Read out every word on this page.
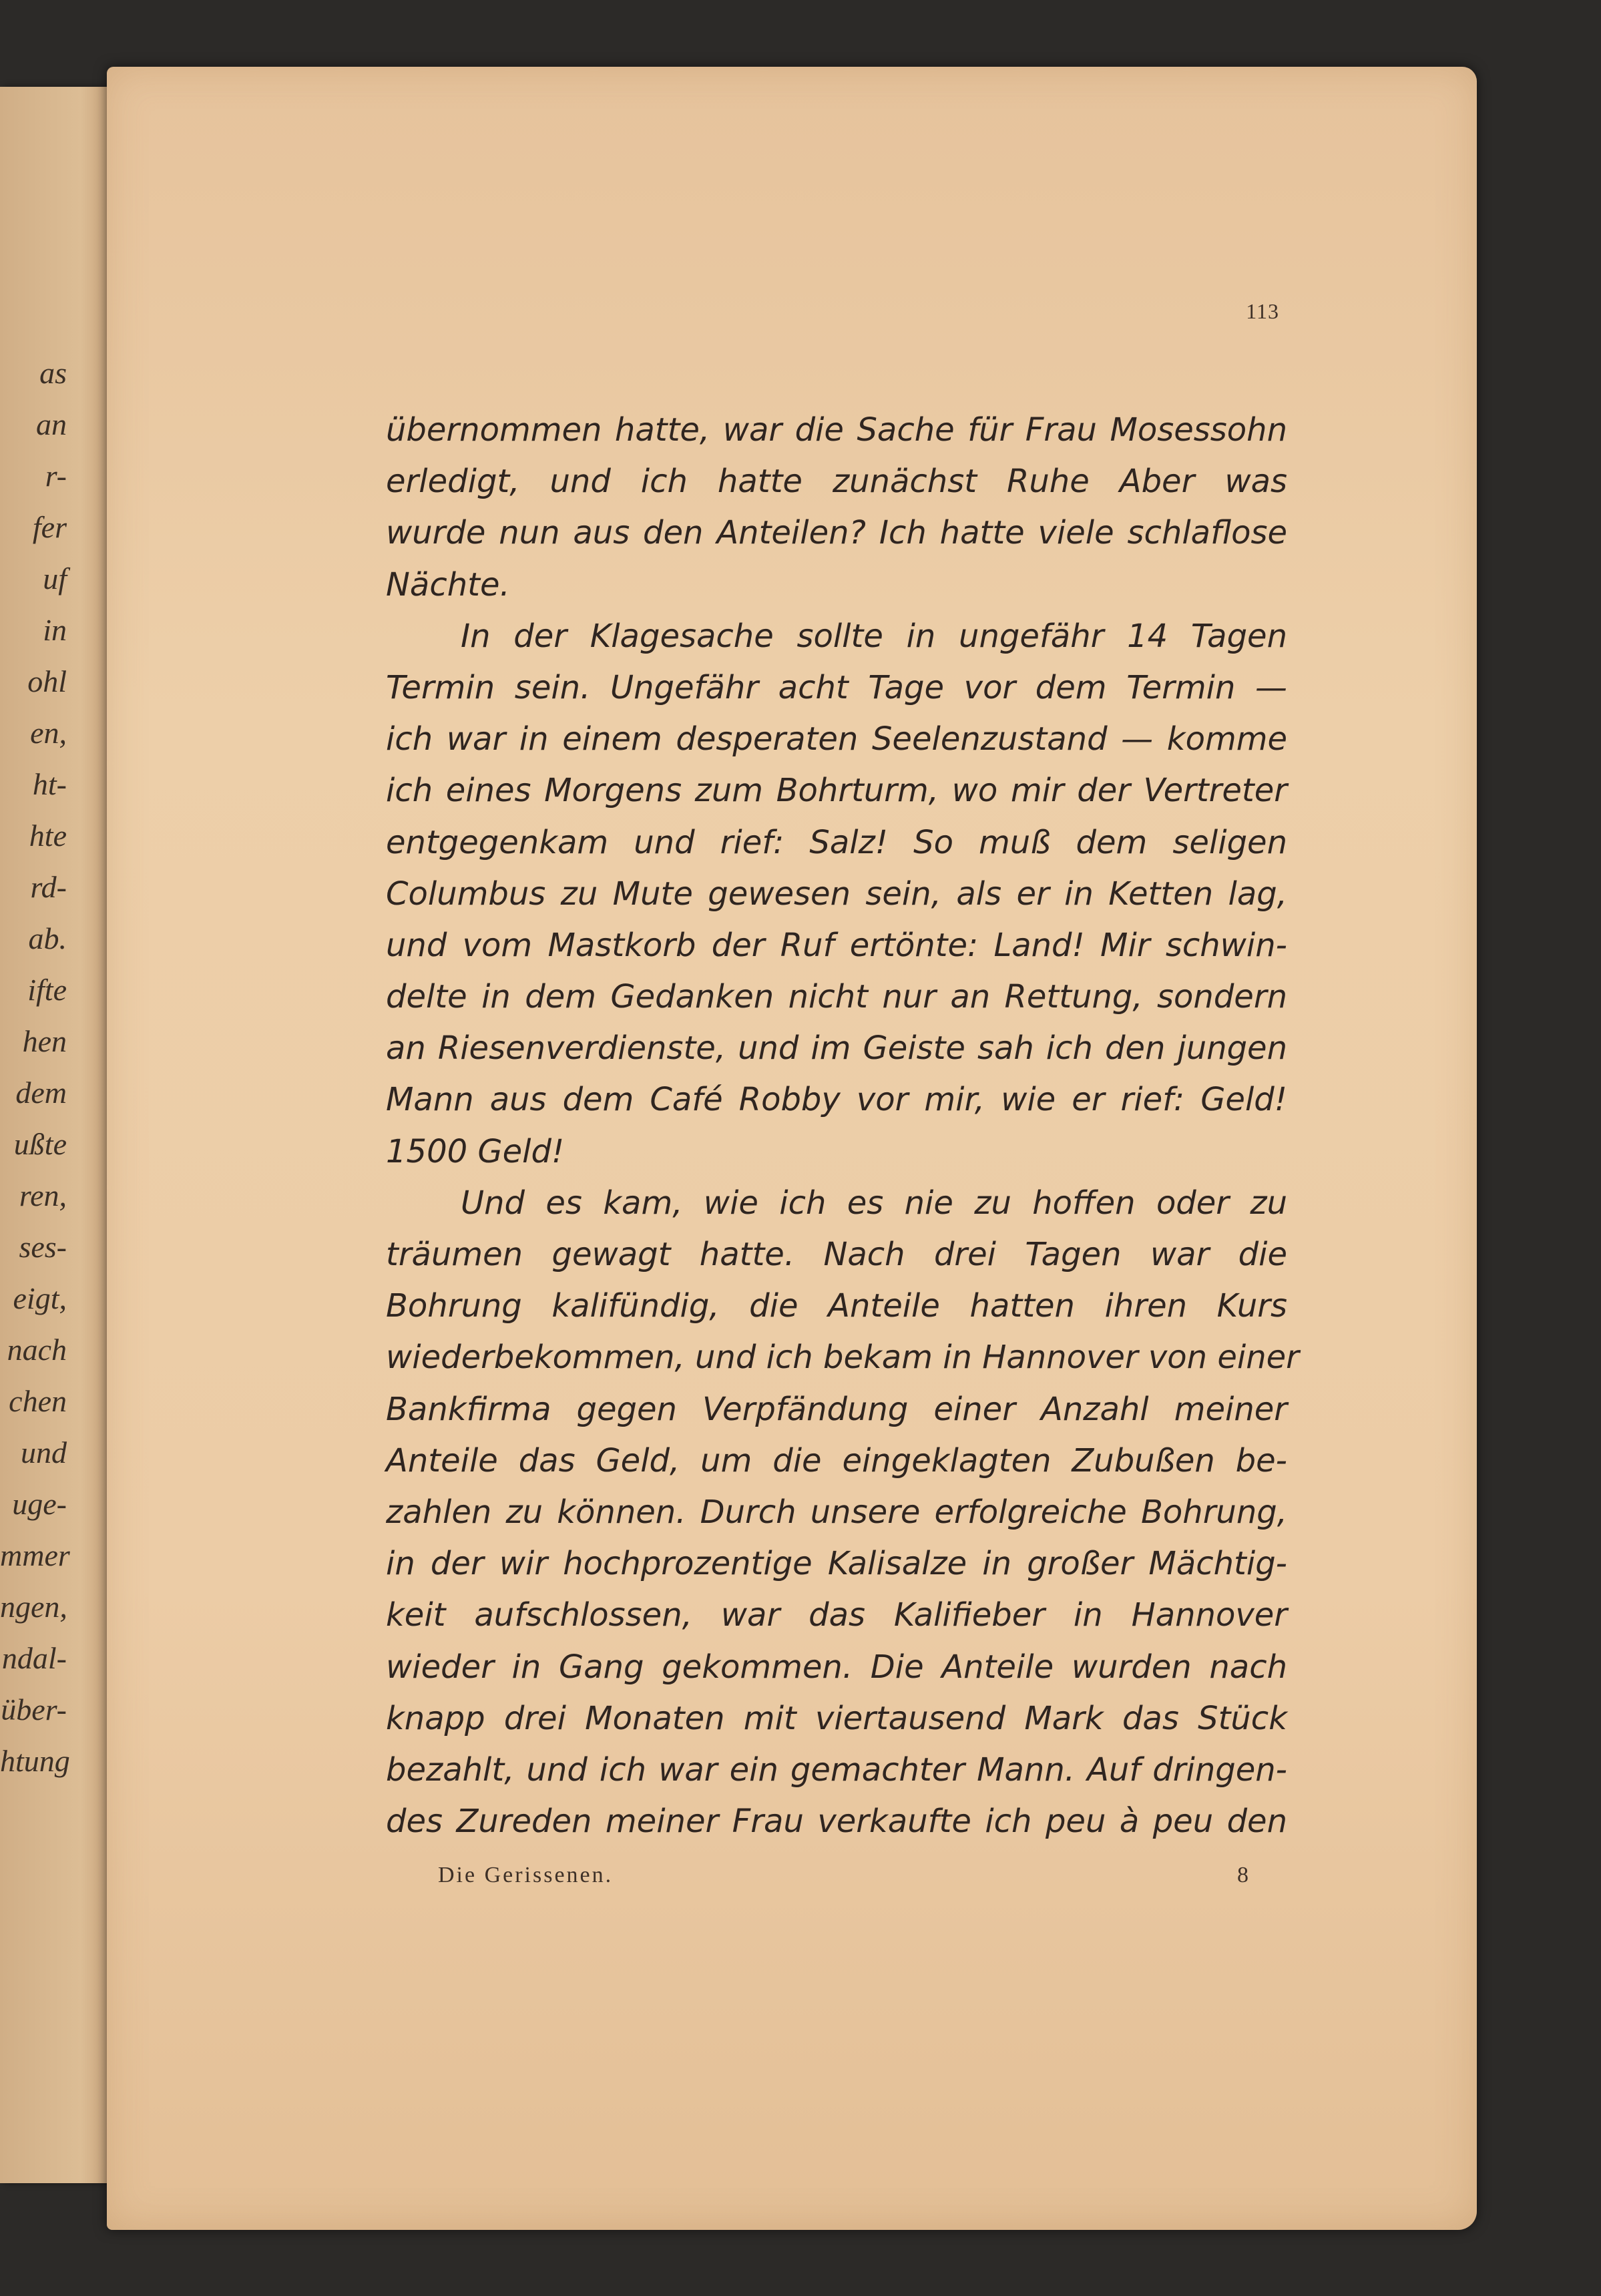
as
an
r-
fer
uf
in
ohl
en,
ht-
hte
rd-
ab.
ifte
hen
dem
ußte
ren,
ses-
eigt,
nach
chen
und
uge-
mmer
ngen,
ndal-
über-
htung
113
übernommen hatte, war die Sache für Frau Mosessohn
erledigt, und ich hatte zunächst Ruhe Aber was
wurde nun aus den Anteilen? Ich hatte viele schlaflose
Nächte.
In der Klagesache sollte in ungefähr 14 Tagen
Termin sein. Ungefähr acht Tage vor dem Termin —
ich war in einem desperaten Seelenzustand — komme
ich eines Morgens zum Bohrturm, wo mir der Vertreter
entgegenkam und rief: Salz! So muß dem seligen
Columbus zu Mute gewesen sein, als er in Ketten lag,
und vom Mastkorb der Ruf ertönte: Land! Mir schwin-
delte in dem Gedanken nicht nur an Rettung, sondern
an Riesenverdienste, und im Geiste sah ich den jungen
Mann aus dem Café Robby vor mir, wie er rief: Geld!
1500 Geld!
Und es kam, wie ich es nie zu hoffen oder zu
träumen gewagt hatte. Nach drei Tagen war die
Bohrung kalifündig, die Anteile hatten ihren Kurs
wiederbekommen, und ich bekam in Hannover von einer
Bankfirma gegen Verpfändung einer Anzahl meiner
Anteile das Geld, um die eingeklagten Zubußen be-
zahlen zu können. Durch unsere erfolgreiche Bohrung,
in der wir hochprozentige Kalisalze in großer Mächtig-
keit aufschlossen, war das Kalifieber in Hannover
wieder in Gang gekommen. Die Anteile wurden nach
knapp drei Monaten mit viertausend Mark das Stück
bezahlt, und ich war ein gemachter Mann. Auf dringen-
des Zureden meiner Frau verkaufte ich peu à peu den
Die Gerissenen.	8
